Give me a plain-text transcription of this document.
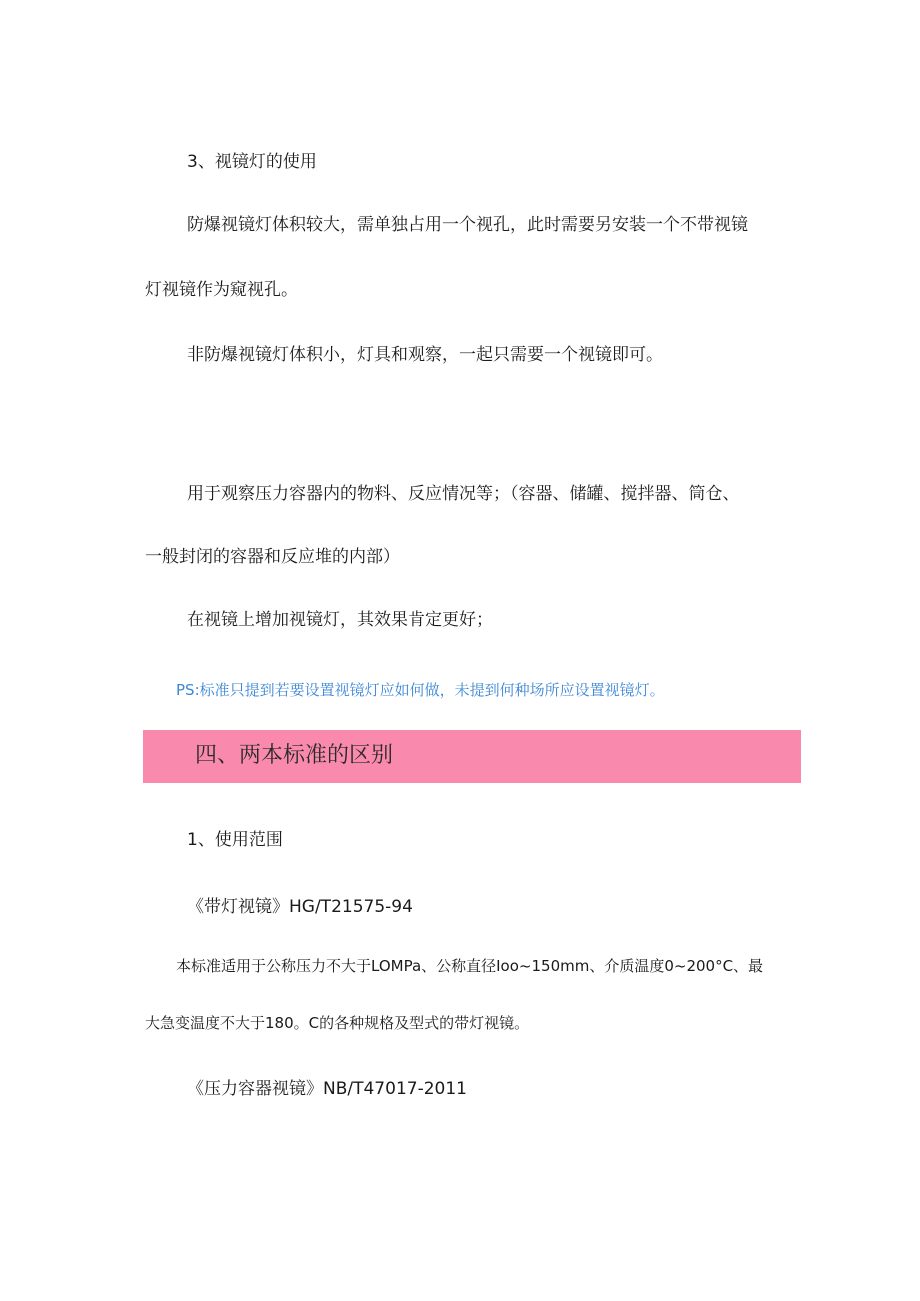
3、视镜灯的使用

防爆视镜灯体积较大，需单独占用一个视孔，此时需要另安装一个不带视镜

灯视镜作为窥视孔。

非防爆视镜灯体积小，灯具和观察，一起只需要一个视镜即可。

用于观察压力容器内的物料、反应情况等；（容器、储罐、搅拌器、筒仓、

一般封闭的容器和反应堆的内部）

在视镜上增加视镜灯，其效果肯定更好；

PS:标准只提到若要设置视镜灯应如何做，未提到何种场所应设置视镜灯。

四、两本标准的区别

1、使用范围

《带灯视镜》HG/T21575-94

本标准适用于公称压力不大于LOMPa、公称直径Ioo~150mm、介质温度0~200°C、最

大急变温度不大于180。C的各种规格及型式的带灯视镜。

《压力容器视镜》NB/T47017-2011
